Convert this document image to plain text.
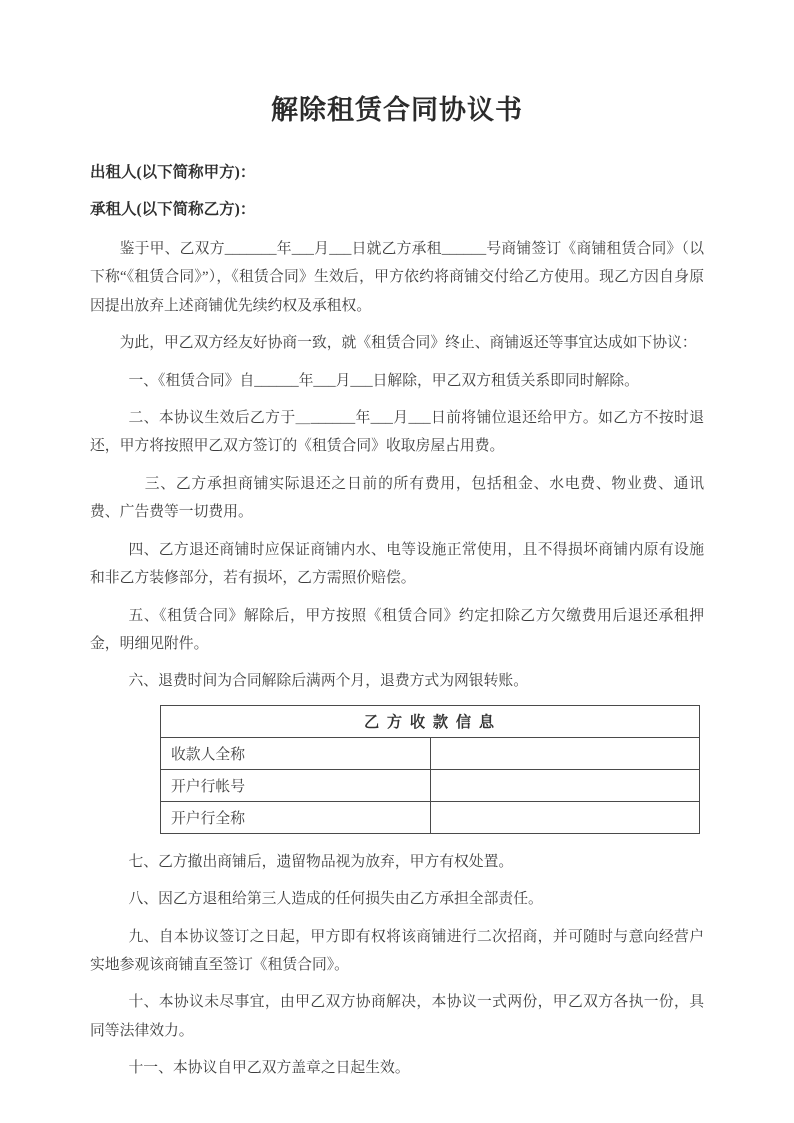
解除租赁合同协议书

出租人(以下简称甲方)：

承租人(以下简称乙方)：

鉴于甲、乙双方_______年___月___日就乙方承租______号商铺签订《商铺租赁合同》（以下称“《租赁合同》”），《租赁合同》生效后，甲方依约将商铺交付给乙方使用。现乙方因自身原因提出放弃上述商铺优先续约权及承租权。

为此，甲乙双方经友好协商一致，就《租赁合同》终止、商铺返还等事宜达成如下协议：

一、《租赁合同》自______年___月___日解除，甲乙双方租赁关系即同时解除。

二、本协议生效后乙方于＿______年___月___日前将铺位退还给甲方。如乙方不按时退还，甲方将按照甲乙双方签订的《租赁合同》收取房屋占用费。

三、乙方承担商铺实际退还之日前的所有费用，包括租金、水电费、物业费、通讯费、广告费等一切费用。

四、乙方退还商铺时应保证商铺内水、电等设施正常使用，且不得损坏商铺内原有设施和非乙方装修部分，若有损坏，乙方需照价赔偿。

五、《租赁合同》解除后，甲方按照《租赁合同》约定扣除乙方欠缴费用后退还承租押金，明细见附件。

六、退费时间为合同解除后满两个月，退费方式为网银转账。

乙 方 收 款 信 息	
收款人全称	
开户行帐号	
开户行全称	

七、乙方撤出商铺后，遗留物品视为放弃，甲方有权处置。

八、因乙方退租给第三人造成的任何损失由乙方承担全部责任。

九、自本协议签订之日起，甲方即有权将该商铺进行二次招商，并可随时与意向经营户实地参观该商铺直至签订《租赁合同》。

十、本协议未尽事宜，由甲乙双方协商解决，本协议一式两份，甲乙双方各执一份，具同等法律效力。

十一、本协议自甲乙双方盖章之日起生效。
